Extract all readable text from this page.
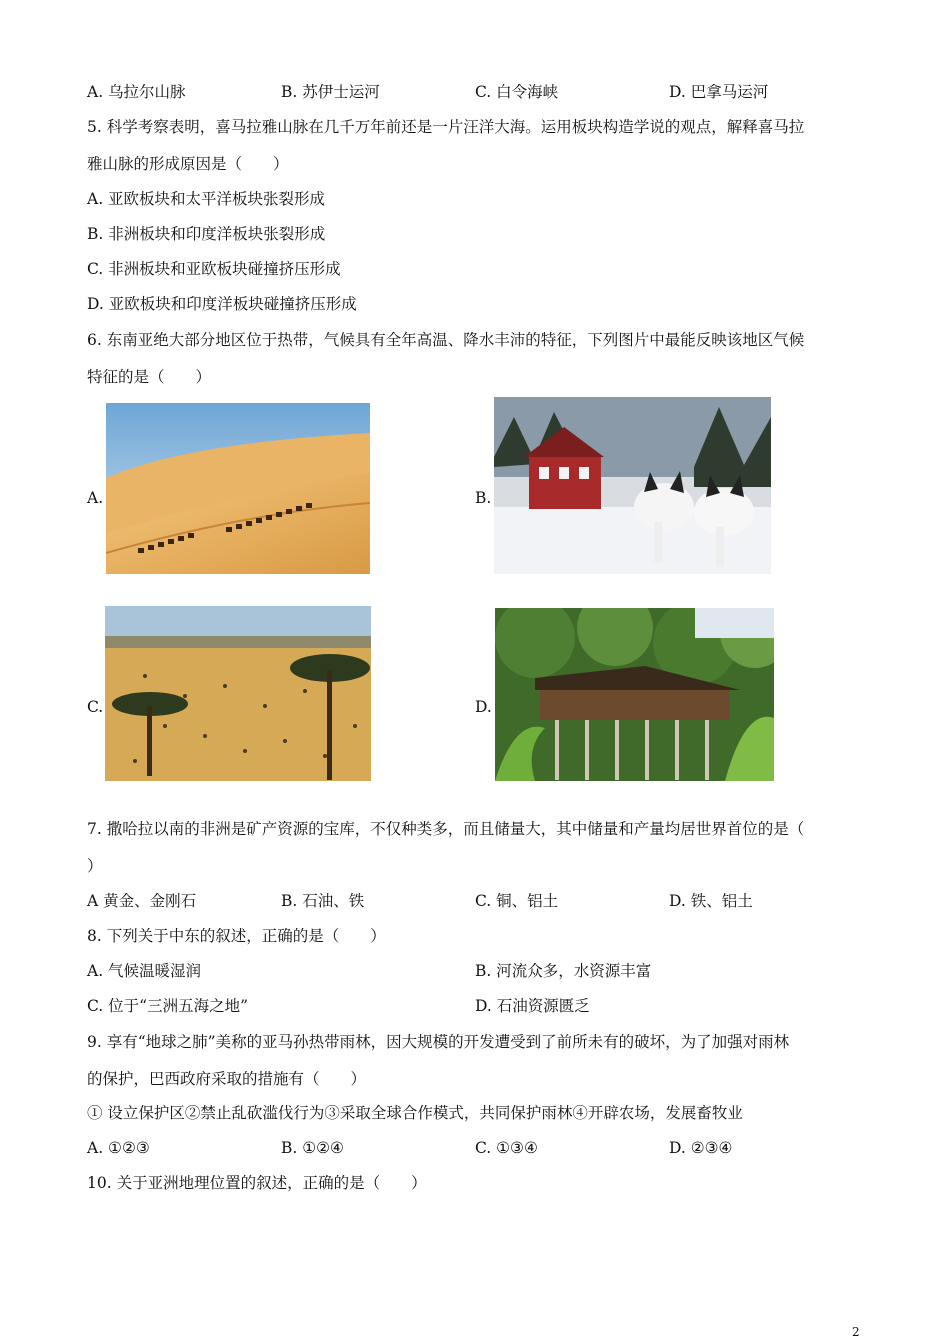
A. 乌拉尔山脉	B. 苏伊士运河	C. 白令海峡	D. 巴拿马运河
5. 科学考察表明，喜马拉雅山脉在几千万年前还是一片汪洋大海。运用板块构造学说的观点，解释喜马拉
雅山脉的形成原因是（　　）
A. 亚欧板块和太平洋板块张裂形成
B. 非洲板块和印度洋板块张裂形成
C. 非洲板块和亚欧板块碰撞挤压形成
D. 亚欧板块和印度洋板块碰撞挤压形成
6. 东南亚绝大部分地区位于热带，气候具有全年高温、降水丰沛的特征，下列图片中最能反映该地区气候
特征的是（　　）
A.	B.
C.	D.
7. 撒哈拉以南的非洲是矿产资源的宝库，不仅种类多，而且储量大，其中储量和产量均居世界首位的是（
）
A 黄金、金刚石	B. 石油、铁	C. 铜、铝土	D. 铁、铝土
8. 下列关于中东的叙述，正确的是（　　）
A. 气候温暖湿润	B. 河流众多，水资源丰富
C. 位于“三洲五海之地”	D. 石油资源匮乏
9. 享有“地球之肺”美称的亚马孙热带雨林，因大规模的开发遭受到了前所未有的破坏，为了加强对雨林
的保护，巴西政府采取的措施有（　　）
① 设立保护区②禁止乱砍滥伐行为③采取全球合作模式，共同保护雨林④开辟农场，发展畜牧业
A. ①②③	B. ①②④	C. ①③④	D. ②③④
10. 关于亚洲地理位置的叙述，正确的是（　　）
2
